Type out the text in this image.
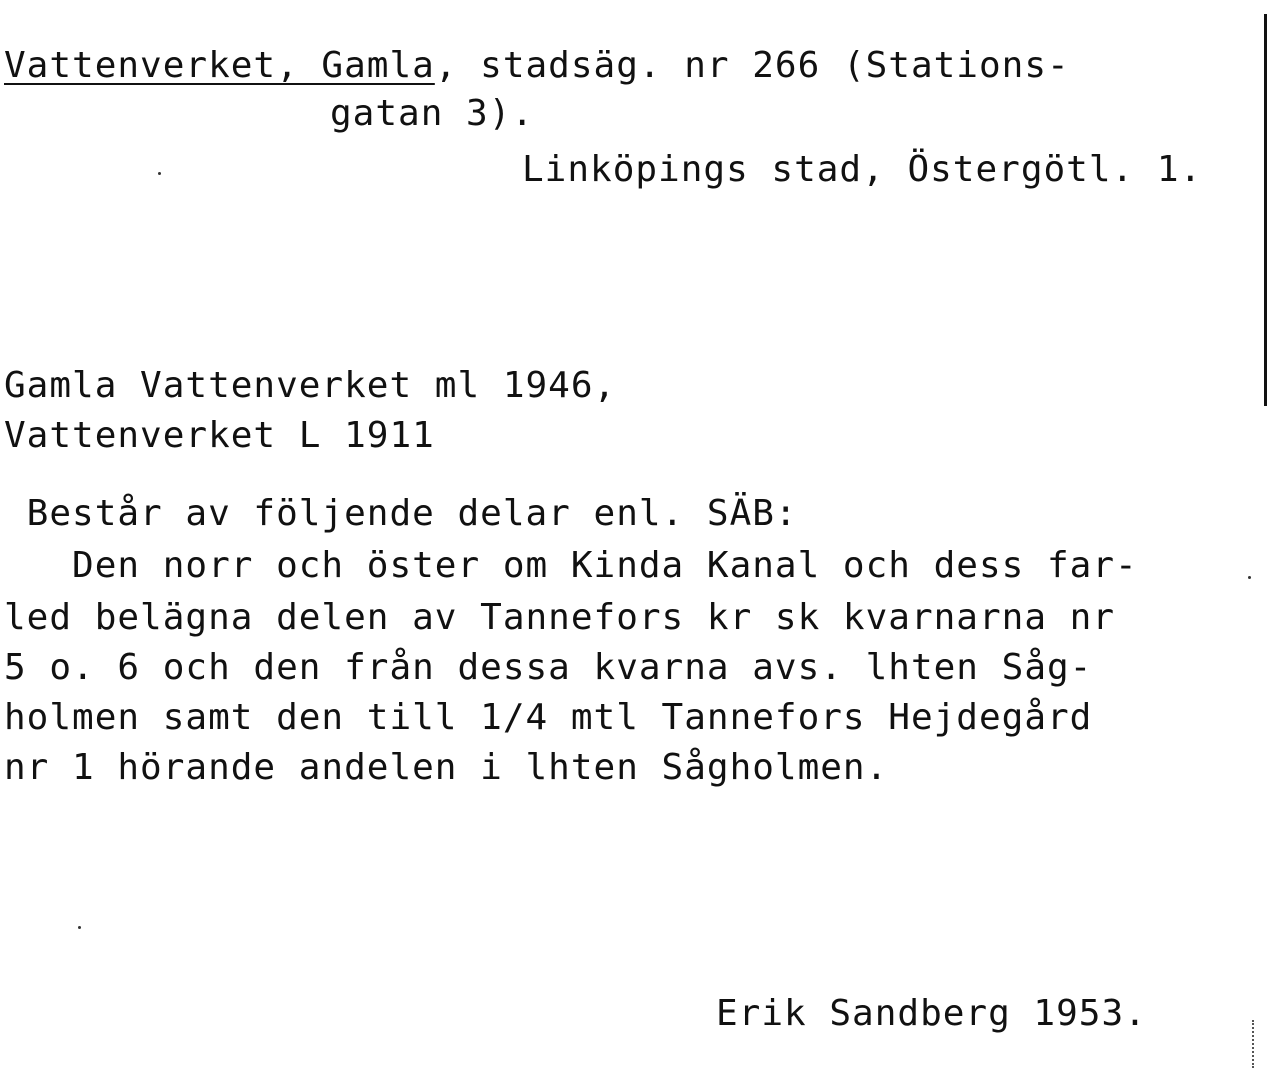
Vattenverket, Gamla, stadsäg. nr 266 (Stations-
gatan 3).
Linköpings stad, Östergötl. 1.
Gamla Vattenverket ml 1946,
Vattenverket L 1911
Består av följende delar enl. SÄB:
Den norr och öster om Kinda Kanal och dess far-
led belägna delen av Tannefors kr sk kvarnarna nr
5 o. 6 och den från dessa kvarna avs. lhten Såg-
holmen samt den till 1/4 mtl Tannefors Hejdegård
nr 1 hörande andelen i lhten Sågholmen.
Erik Sandberg 1953.
